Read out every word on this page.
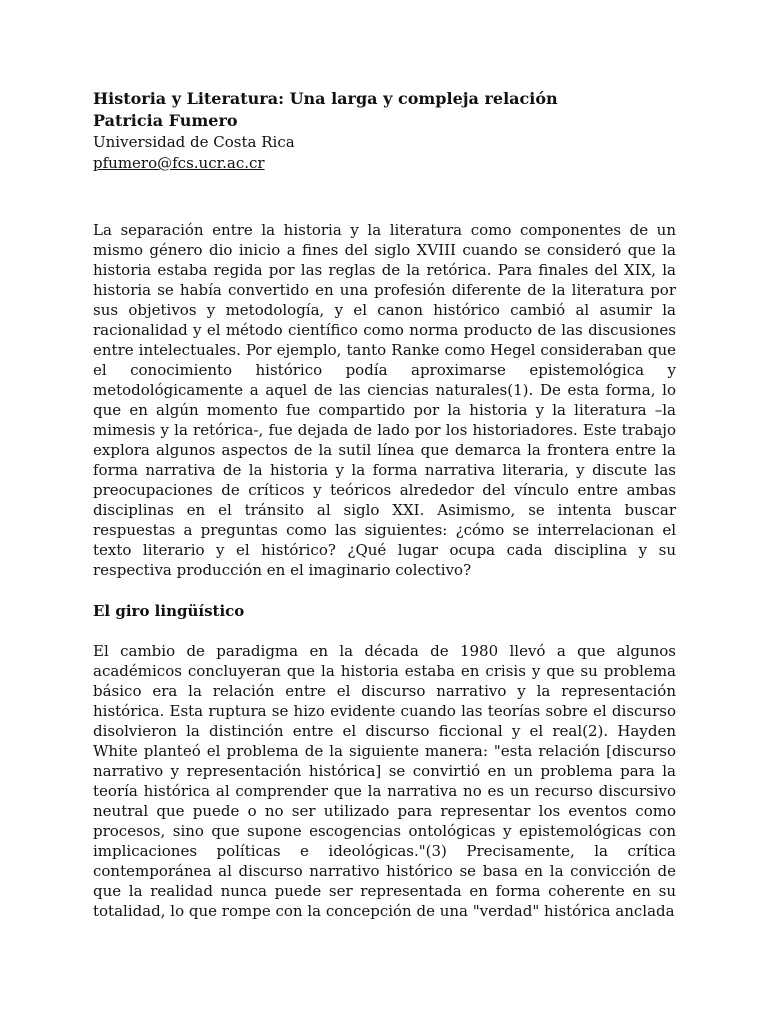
Historia y Literatura: Una larga y compleja relación

Patricia Fumero

Universidad de Costa Rica

pfumero@fcs.ucr.ac.cr

La separación entre la historia y la literatura como componentes de un mismo género dio inicio a fines del siglo XVIII cuando se consideró que la historia estaba regida por las reglas de la retórica. Para finales del XIX, la historia se había convertido en una profesión diferente de la literatura por sus objetivos y metodología, y el canon histórico cambió al asumir la racionalidad y el método científico como norma producto de las discusiones entre intelectuales. Por ejemplo, tanto Ranke como Hegel consideraban que el conocimiento histórico podía aproximarse epistemológica y metodológicamente a aquel de las ciencias naturales(1). De esta forma, lo que en algún momento fue compartido por la historia y la literatura –la mimesis y la retórica-, fue dejada de lado por los historiadores. Este trabajo explora algunos aspectos de la sutil línea que demarca la frontera entre la forma narrativa de la historia y la forma narrativa literaria, y discute las preocupaciones de críticos y teóricos alrededor del vínculo entre ambas disciplinas en el tránsito al siglo XXI. Asimismo, se intenta buscar respuestas a preguntas como las siguientes: ¿cómo se interrelacionan el texto literario y el histórico? ¿Qué lugar ocupa cada disciplina y su respectiva producción en el imaginario colectivo?

El giro lingüístico

El cambio de paradigma en la década de 1980 llevó a que algunos académicos concluyeran que la historia estaba en crisis y que su problema básico era la relación entre el discurso narrativo y la representación histórica. Esta ruptura se hizo evidente cuando las teorías sobre el discurso disolvieron la distinción entre el discurso ficcional y el real(2). Hayden White planteó el problema de la siguiente manera: "esta relación [discurso narrativo y representación histórica] se convirtió en un problema para la teoría histórica al comprender que la narrativa no es un recurso discursivo neutral que puede o no ser utilizado para representar los eventos como procesos, sino que supone escogencias ontológicas y epistemológicas con implicaciones políticas e ideológicas."(3) Precisamente, la crítica contemporánea al discurso narrativo histórico se basa en la convicción de que la realidad nunca puede ser representada en forma coherente en su totalidad, lo que rompe con la concepción de una "verdad" histórica anclada
